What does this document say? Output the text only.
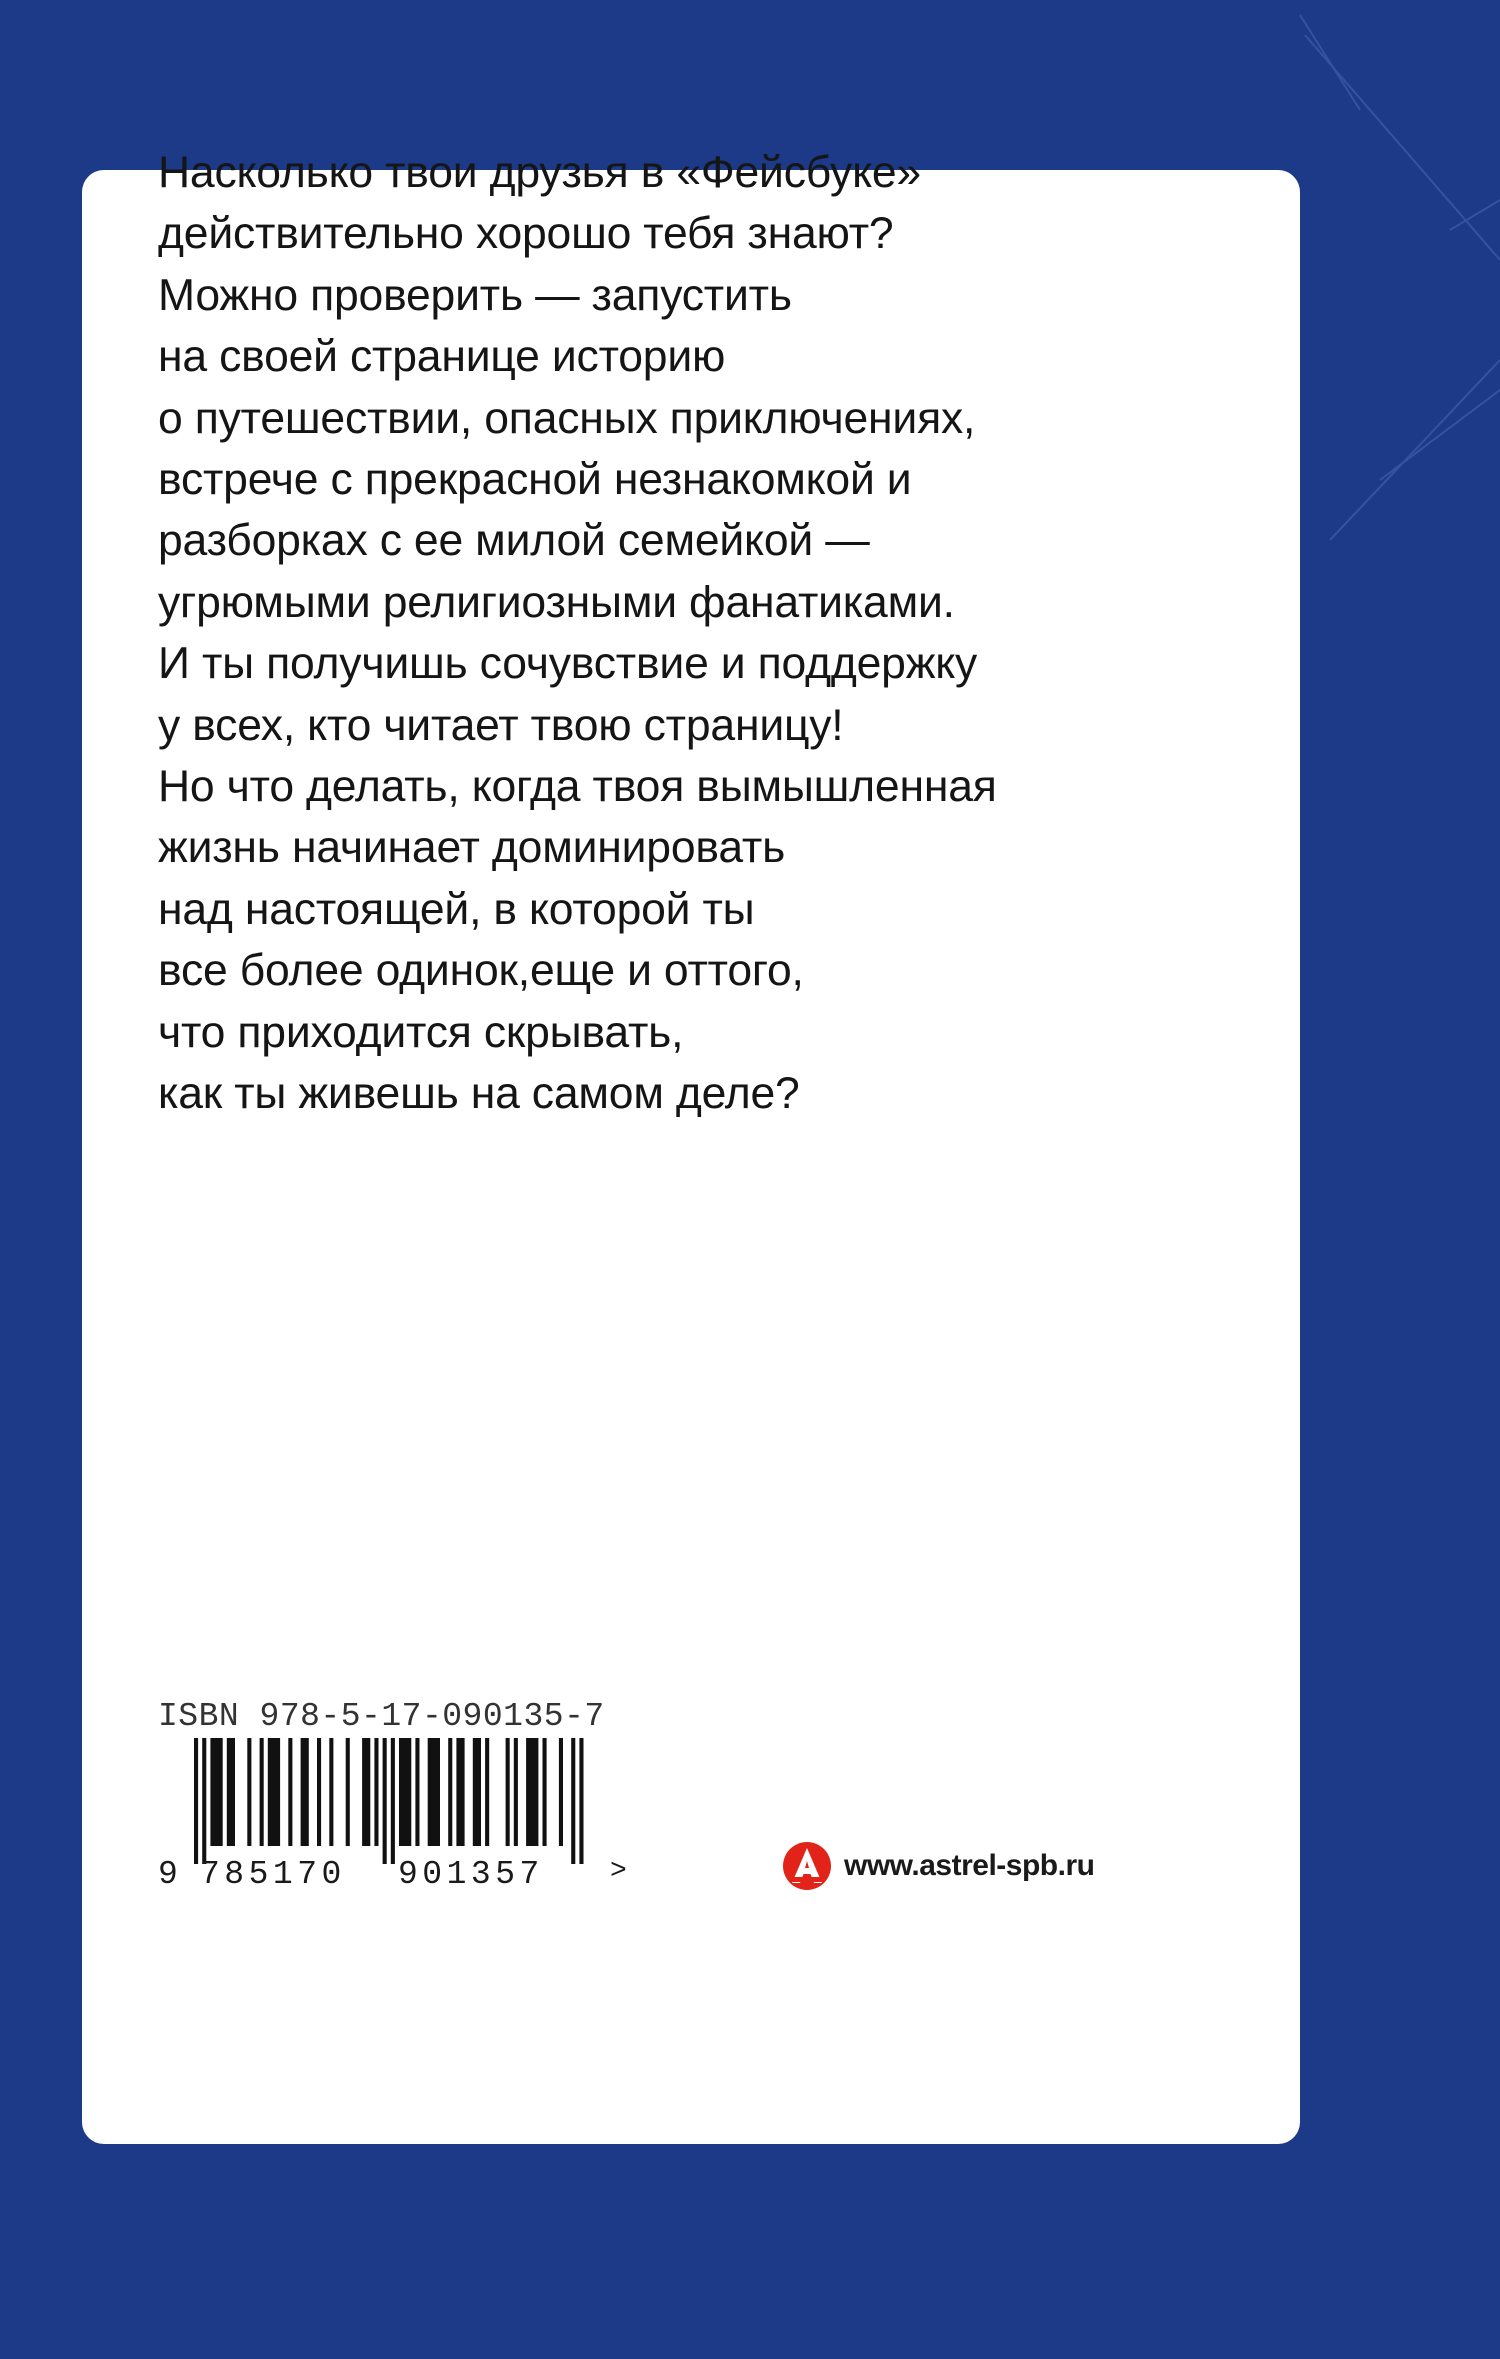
Насколько твои друзья в «Фейсбуке»
действительно хорошо тебя знают?
Можно проверить — запустить
на своей странице историю
о путешествии, опасных приключениях,
встрече с прекрасной незнакомкой и
разборках с ее милой семейкой —
угрюмыми религиозными фанатиками.
И ты получишь сочувствие и поддержку
у всех, кто читает твою страницу!
Но что делать, когда твоя вымышленная
жизнь начинает доминировать
над настоящей, в которой ты
все более одинок,еще и оттого,
что приходится скрывать,
как ты живешь на самом деле?
ISBN 978-5-17-090135-7
9 785170 901357 >	www.astrel-spb.ru
